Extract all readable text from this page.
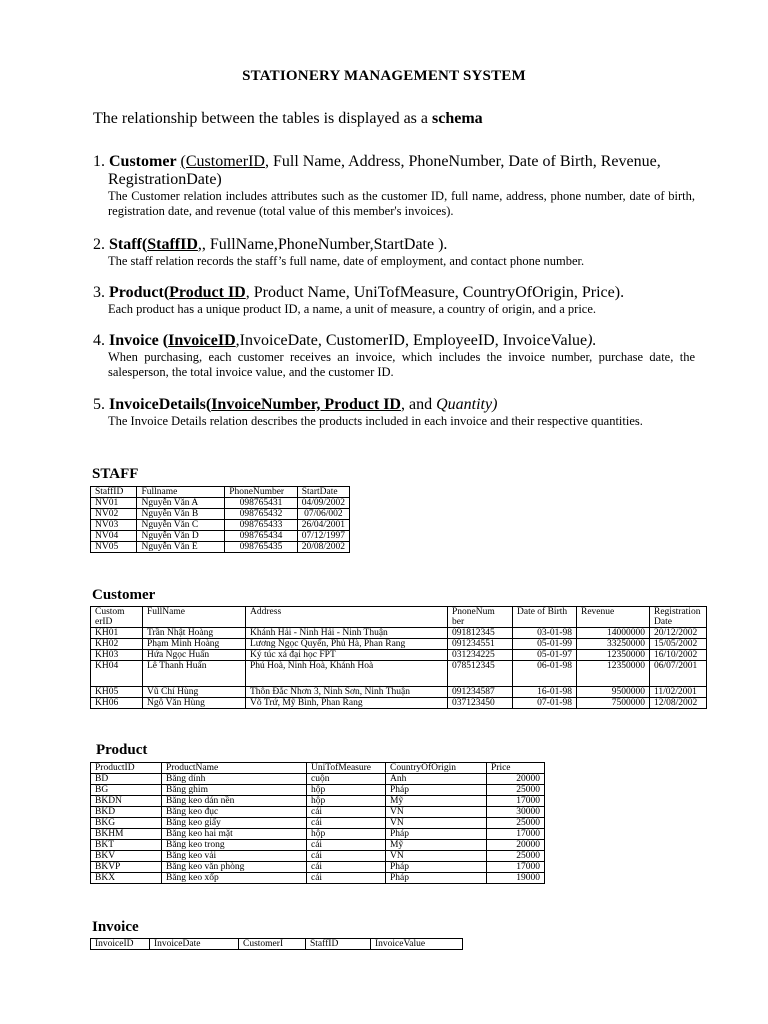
STATIONERY MANAGEMENT SYSTEM
The relationship between the tables is displayed as a schema
1. Customer (CustomerID, Full Name, Address, PhoneNumber, Date of Birth, Revenue,
RegistrationDate)
The Customer relation includes attributes such as the customer ID, full name, address, phone number, date of birth, registration date, and revenue (total value of this member's invoices).
2. Staff(StaffID,, FullName,PhoneNumber,StartDate ).
The staff relation records the staff’s full name, date of employment, and contact phone number.
3. Product(Product ID, Product Name, UniTofMeasure, CountryOfOrigin, Price).
Each product has a unique product ID, a name, a unit of measure, a country of origin, and a price.
4. Invoice (InvoiceID,InvoiceDate, CustomerID, EmployeeID, InvoiceValue).
When purchasing, each customer receives an invoice, which includes the invoice number, purchase date, the salesperson, the total invoice value, and the customer ID.
5. InvoiceDetails(InvoiceNumber, Product ID, and Quantity)
The Invoice Details relation describes the products included in each invoice and their respective quantities.
STAFF
StaffID	Fullname	PhoneNumber	StartDate
NV01	Nguyễn Văn A	098765431	04/09/2002
NV02	Nguyễn Văn B	098765432	07/06/002
NV03	Nguyễn Văn C	098765433	26/04/2001
NV04	Nguyễn Văn D	098765434	07/12/1997
NV05	Nguyễn Văn E	098765435	20/08/2002
Customer
Custom erID	FullName	Address	PnoneNum ber	Date of Birth	Revenue	Registration Date
KH01	Trần Nhật Hoàng	Khánh Hải - Ninh Hải - Ninh Thuận	091812345	03-01-98	14000000	20/12/2002
KH02	Phạm Minh Hoàng	Lương Ngọc Quyến, Phủ Hà, Phan Rang	091234551	05-01-99	33250000	15/05/2002
KH03	Hứa Ngọc Huấn	Ký túc xá đại học FPT	031234225	05-01-97	12350000	16/10/2002
KH04	Lê Thanh Huấn	Phú Hoà, Ninh Hoà, Khánh Hoà	078512345	06-01-98	12350000	06/07/2001
KH05	Vũ Chí Hùng	Thôn Đắc Nhơn 3, Ninh Sơn, Ninh Thuận	091234587	16-01-98	9500000	11/02/2001
KH06	Ngô Văn Hùng	Võ Trứ, Mỹ Bình, Phan Rang	037123450	07-01-98	7500000	12/08/2002
Product
ProductID	ProductName	UniTofMeasure	CountryOfOrigin	Price
BD	Băng dính	cuộn	Anh	20000
BG	Băng ghim	hộp	Pháp	25000
BKDN	Băng keo dán nền	hộp	Mỹ	17000
BKD	Băng keo đục	cái	VN	30000
BKG	Băng keo giấy	cái	VN	25000
BKHM	Băng keo hai mặt	hộp	Pháp	17000
BKT	Băng keo trong	cái	Mỹ	20000
BKV	Băng keo vải	cái	VN	25000
BKVP	Băng keo văn phòng	cái	Pháp	17000
BKX	Băng keo xốp	cái	Pháp	19000
Invoice
InvoiceID	InvoiceDate	CustomerI	StaffID	InvoiceValue
